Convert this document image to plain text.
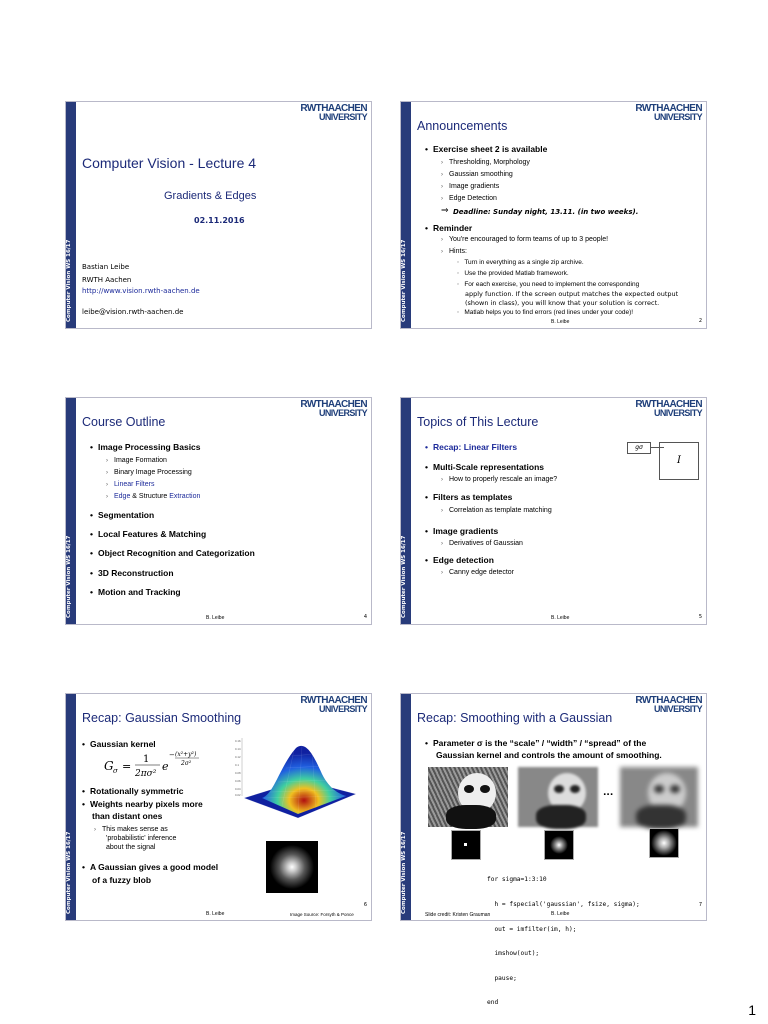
Computer Vision WS 16/17
RWTHAACHEN
UNIVERSITY
Computer Vision - Lecture 4
Gradients & Edges
02.11.2016
Bastian Leibe
RWTH Aachen
http://www.vision.rwth-aachen.de
leibe@vision.rwth-aachen.de	Computer Vision WS 16/17
RWTHAACHEN
UNIVERSITY
Announcements
• Exercise sheet 2 is available
› Thresholding, Morphology
› Gaussian smoothing
› Image gradients
› Edge Detection
⇒ Deadline: Sunday night, 13.11. (in two weeks).
• Reminder
› You're encouraged to form teams of up to 3 people!
› Hints:
◦ Turn in everything as a single zip archive.
◦ Use the provided Matlab framework.
◦ For each exercise, you need to implement the corresponding
apply function. If the screen output matches the expected output
(shown in class), you will know that your solution is correct.
◦ Matlab helps you to find errors (red lines under your code)!
B. Leibe	2
Computer Vision WS 16/17
RWTHAACHEN
UNIVERSITY
Course Outline
• Image Processing Basics
› Image Formation
› Binary Image Processing
› Linear Filters
› Edge & Structure Extraction
• Segmentation
• Local Features & Matching
• Object Recognition and Categorization
• 3D Reconstruction
• Motion and Tracking
B. Leibe	4	Computer Vision WS 16/17
RWTHAACHEN
UNIVERSITY
Topics of This Lecture
• Recap: Linear Filters
• Multi-Scale representations
› How to properly rescale an image?
• Filters as templates
› Correlation as template matching
• Image gradients
› Derivatives of Gaussian
• Edge detection
› Canny edge detector
gσ
I
B. Leibe	5
Computer Vision WS 16/17
RWTHAACHEN
UNIVERSITY
Recap: Gaussian Smoothing
• Gaussian kernel
G σ =
1
2πσ²
e
− (x²+y²)
2σ²
• Rotationally symmetric
• Weights nearby pixels more
than distant ones
› This makes sense as
'probabilistic' inference
about the signal
• A Gaussian gives a good model
of a fuzzy blob
0.16
0.14
0.12
0.1
0.08
0.06
0.04
0.02
B. Leibe	Image Source: Forsyth & Ponce
6	Computer Vision WS 16/17
RWTHAACHEN
UNIVERSITY
Recap: Smoothing with a Gaussian
• Parameter σ is the “scale” / “width” / “spread” of the
Gaussian kernel and controls the amount of smoothing.
...

for sigma=1:3:10

h = fspecial('gaussian', fsize, sigma);

out = imfilter(im, h);

imshow(out);

pause;

end

Slide credit: Kristen Grauman	B. Leibe
7
1
